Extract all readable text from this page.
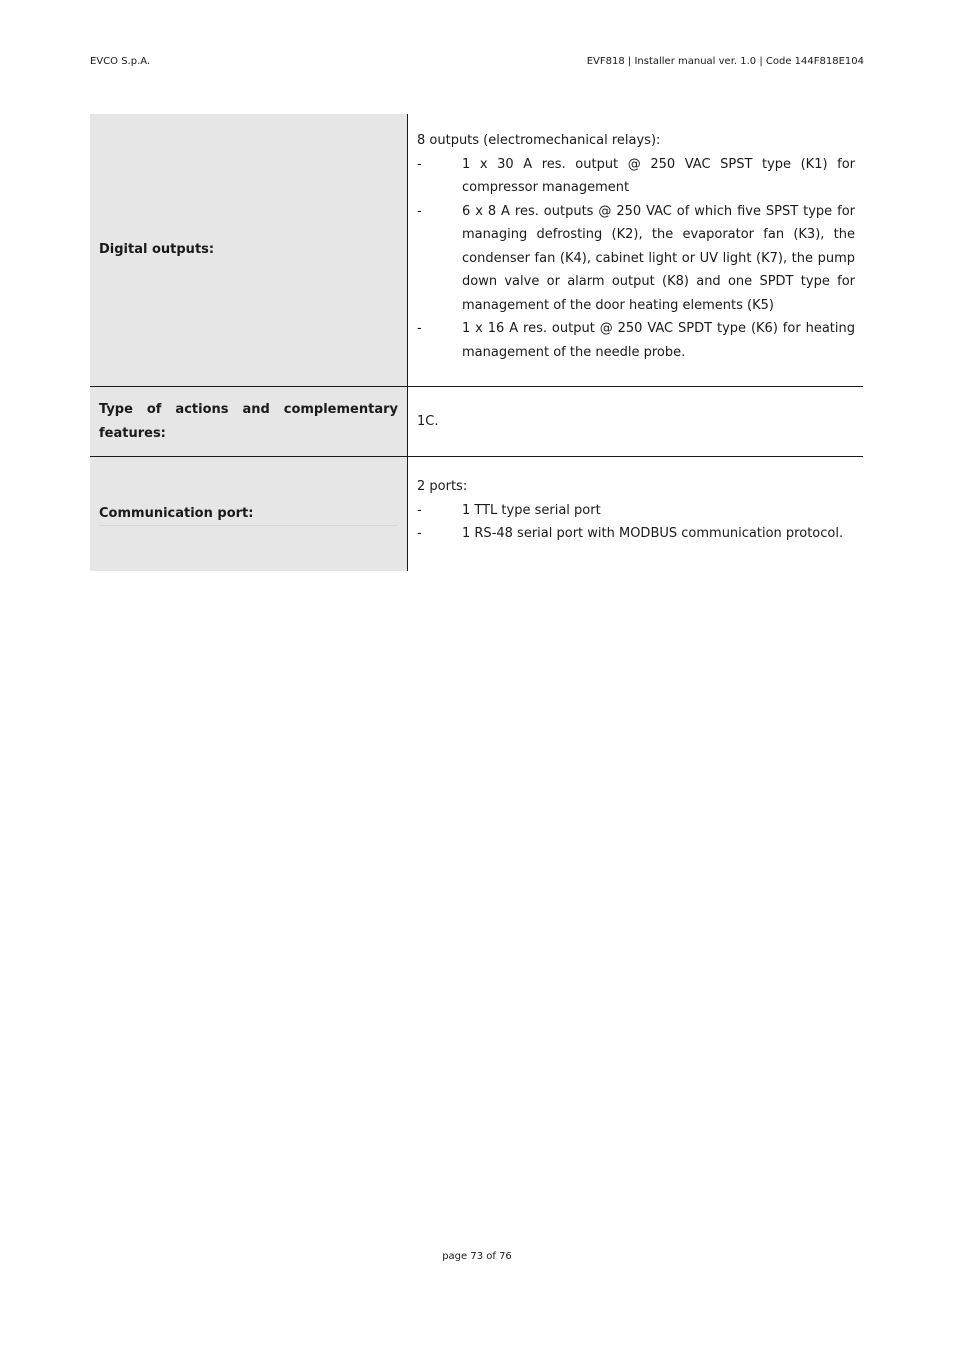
EVCO S.p.A.	EVF818 | Installer manual ver. 1.0 | Code 144F818E104
Digital outputs:
8 outputs (electromechanical relays):
-	1 x 30 A res. output @ 250 VAC SPST type (K1) for compressor management
-	6 x 8 A res. outputs @ 250 VAC of which five SPST type for managing defrosting (K2), the evaporator fan (K3), the condenser fan (K4), cabinet light or UV light (K7), the pump down valve or alarm output (K8) and one SPDT type for management of the door heating elements (K5)
-	1 x 16 A res. output @ 250 VAC SPDT type (K6) for heating management of the needle probe.
Type of actions and complementary features:
1C.
Communication port:
2 ports:
-	1 TTL type serial port
-	1 RS-48 serial port with MODBUS communication protocol.
page 73 of 76
